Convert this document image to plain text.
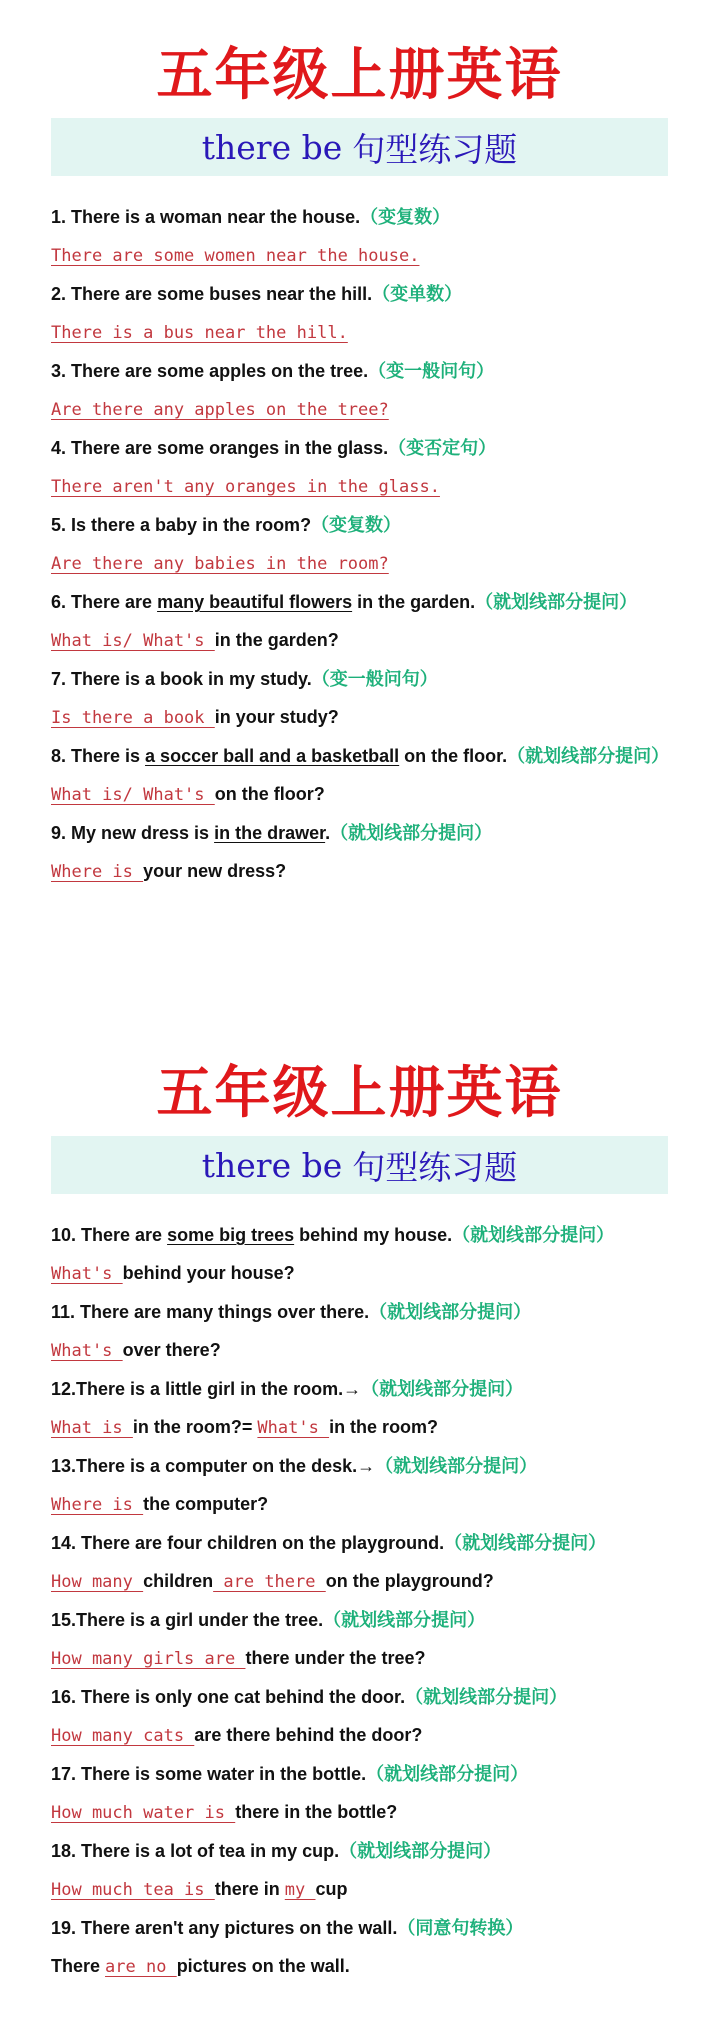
五年级上册英语
there be 句型练习题
1. There is a woman near the house.（变复数）
There are some women near the house.
2. There are some buses near the hill.（变单数）
There is a bus near the hill.
3. There are some apples on the tree.（变一般问句）
Are there any apples on the tree?
4. There are some oranges in the glass.（变否定句）
There aren't any oranges in the glass.
5. Is there a baby in the room?（变复数）
Are there any babies in the room?
6. There are many beautiful flowers in the garden.（就划线部分提问）
What is/ What's in the garden?
7. There is a book in my study.（变一般问句）
Is there a book in your study?
8. There is a soccer ball and a basketball on the floor.（就划线部分提问）
What is/ What's on the floor?
9. My new dress is in the drawer.（就划线部分提问）
Where is your new dress?
五年级上册英语
there be 句型练习题
10. There are some big trees behind my house.（就划线部分提问）
What's behind your house?
11. There are many things over there.（就划线部分提问）
What's over there?
12.There is a little girl in the room.→（就划线部分提问）
What is in the room?= What's in the room?
13.There is a computer on the desk.→（就划线部分提问）
Where is the computer?
14. There are four children on the playground.（就划线部分提问）
How many children are there on the playground?
15.There is a girl under the tree.（就划线部分提问）
How many girls are there under the tree?
16. There is only one cat behind the door.（就划线部分提问）
How many cats are there behind the door?
17. There is some water in the bottle.（就划线部分提问）
How much water is there in the bottle?
18. There is a lot of tea in my cup.（就划线部分提问）
How much tea is there in my cup
19. There aren't any pictures on the wall.（同意句转换）
There are no pictures on the wall.
